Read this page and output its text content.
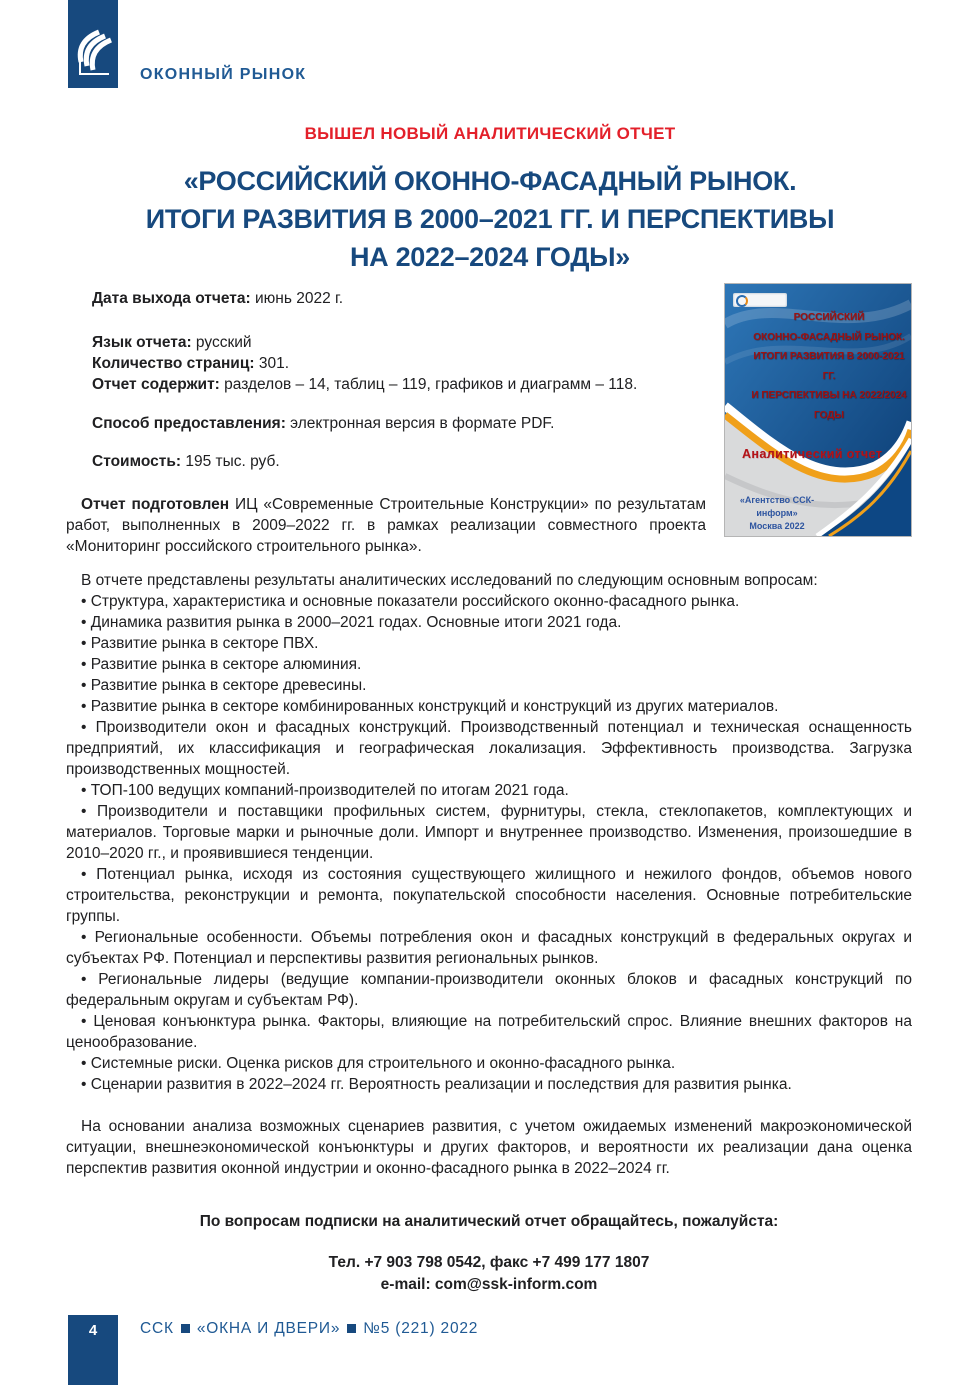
ОКОННЫЙ РЫНОК
ВЫШЕЛ НОВЫЙ АНАЛИТИЧЕСКИЙ ОТЧЕТ
«РОССИЙСКИЙ ОКОННО-ФАСАДНЫЙ РЫНОК.
ИТОГИ РАЗВИТИЯ В 2000–2021 ГГ. И ПЕРСПЕКТИВЫ
НА 2022–2024 ГОДЫ»
РОССИЙСКИЙ
ОКОННО-ФАСАДНЫЙ РЫНОК.
ИТОГИ РАЗВИТИЯ В 2000-2021 ГГ.
И ПЕРСПЕКТИВЫ НА 2022/2024 ГОДЫ
Аналитический отчет
«Агентство ССК-информ»
Москва 2022

Дата выхода отчета: июнь 2022 г.

Язык отчета: русский

Количество страниц: 301.

Отчет содержит: разделов – 14, таблиц – 119, графиков и диаграмм – 118.

Способ предоставления: электронная версия в формате PDF.

Стоимость: 195 тыс. руб.

Отчет подготовлен ИЦ «Современные Строительные Конструкции» по результатам работ, выполненных в 2009–2022 гг. в рамках реализации совместного проекта «Мониторинг российского строительного рынка».

В отчете представлены результаты аналитических исследований по следующим основным вопросам:

• Структура, характеристика и основные показатели российского оконно-фасадного рынка.

• Динамика развития рынка в 2000–2021 годах. Основные итоги 2021 года.

• Развитие рынка в секторе ПВХ.

• Развитие рынка в секторе алюминия.

• Развитие рынка в секторе древесины.

• Развитие рынка в секторе комбинированных конструкций и конструкций из других материалов.

• Производители окон и фасадных конструкций. Производственный потенциал и техническая оснащенность предприятий, их классификация и географическая локализация. Эффективность производства. Загрузка производственных мощностей.

• ТОП-100 ведущих компаний-производителей по итогам 2021 года.

• Производители и поставщики профильных систем, фурнитуры, стекла, стеклопакетов, комплектующих и материалов. Торговые марки и рыночные доли. Импорт и внутреннее производство. Изменения, произошедшие в 2010–2020 гг., и проявившиеся тенденции.

• Потенциал рынка, исходя из состояния существующего жилищного и нежилого фондов, объемов нового строительства, реконструкции и ремонта, покупательской способности населения. Основные потребительские группы.

• Региональные особенности. Объемы потребления окон и фасадных конструкций в федеральных округах и субъектах РФ. Потенциал и перспективы развития региональных рынков.

• Региональные лидеры (ведущие компании-производители оконных блоков и фасадных конструкций по федеральным округам и субъектам РФ).

• Ценовая конъюнктура рынка. Факторы, влияющие на потребительский спрос. Влияние внешних факторов на ценообразование.

• Системные риски. Оценка рисков для строительного и оконно-фасадного рынка.

• Сценарии развития в 2022–2024 гг. Вероятность реализации и последствия для развития рынка.

На основании анализа возможных сценариев развития, с учетом ожидаемых изменений макроэкономической ситуации, внешнеэкономической конъюнктуры и других факторов, и вероятности их реализации дана оценка перспектив развития оконной индустрии и оконно-фасадного рынка в 2022–2024 гг.

По вопросам подписки на аналитический отчет обращайтесь, пожалуйста:

Тел. +7 903 798 0542, факс +7 499 177 1807
e-mail: com@ssk-inform.com
4	ССК «ОКНА И ДВЕРИ» №5 (221) 2022
